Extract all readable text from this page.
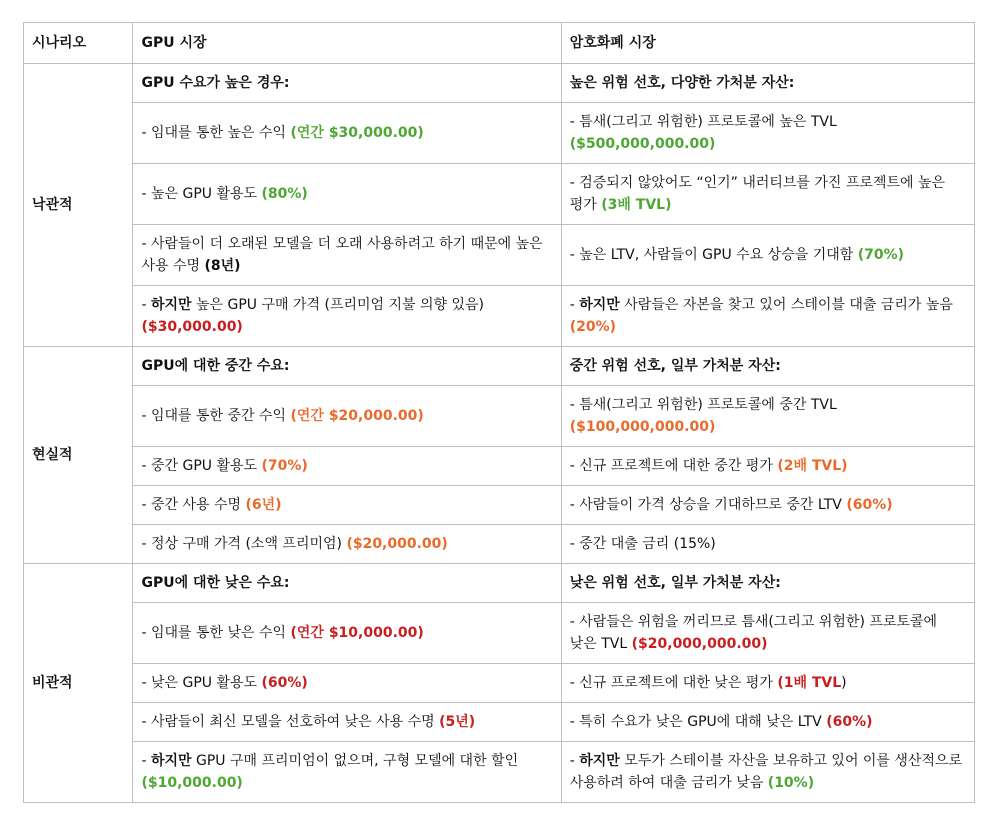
시나리오	GPU 시장	암호화폐 시장
낙관적	GPU 수요가 높은 경우:	높은 위험 선호, 다양한 가처분 자산:
	- 임대를 통한 높은 수익 (연간 $30,000.00)	- 틈새(그리고 위험한) 프로토콜에 높은 TVL ($500,000,000.00)
	- 높은 GPU 활용도 (80%)	- 검증되지 않았어도 “인기” 내러티브를 가진 프로젝트에 높은 평가 (3배 TVL)
	- 사람들이 더 오래된 모델을 더 오래 사용하려고 하기 때문에 높은 사용 수명 (8년)	- 높은 LTV, 사람들이 GPU 수요 상승을 기대함 (70%)
	- 하지만 높은 GPU 구매 가격 (프리미엄 지불 의향 있음) ($30,000.00)	- 하지만 사람들은 자본을 찾고 있어 스테이블 대출 금리가 높음 (20%)
현실적	GPU에 대한 중간 수요:	중간 위험 선호, 일부 가처분 자산:
	- 임대를 통한 중간 수익 (연간 $20,000.00)	- 틈새(그리고 위험한) 프로토콜에 중간 TVL ($100,000,000.00)
	- 중간 GPU 활용도 (70%)	- 신규 프로젝트에 대한 중간 평가 (2배 TVL)
	- 중간 사용 수명 (6년)	- 사람들이 가격 상승을 기대하므로 중간 LTV (60%)
	- 정상 구매 가격 (소액 프리미엄) ($20,000.00)	- 중간 대출 금리 (15%)
비관적	GPU에 대한 낮은 수요:	낮은 위험 선호, 일부 가처분 자산:
	- 임대를 통한 낮은 수익 (연간 $10,000.00)	- 사람들은 위험을 꺼리므로 틈새(그리고 위험한) 프로토콜에 낮은 TVL ($20,000,000.00)
	- 낮은 GPU 활용도 (60%)	- 신규 프로젝트에 대한 낮은 평가 (1배 TVL)
	- 사람들이 최신 모델을 선호하여 낮은 사용 수명 (5년)	- 특히 수요가 낮은 GPU에 대해 낮은 LTV (60%)
	- 하지만 GPU 구매 프리미엄이 없으며, 구형 모델에 대한 할인 ($10,000.00)	- 하지만 모두가 스테이블 자산을 보유하고 있어 이를 생산적으로 사용하려 하여 대출 금리가 낮음 (10%)
